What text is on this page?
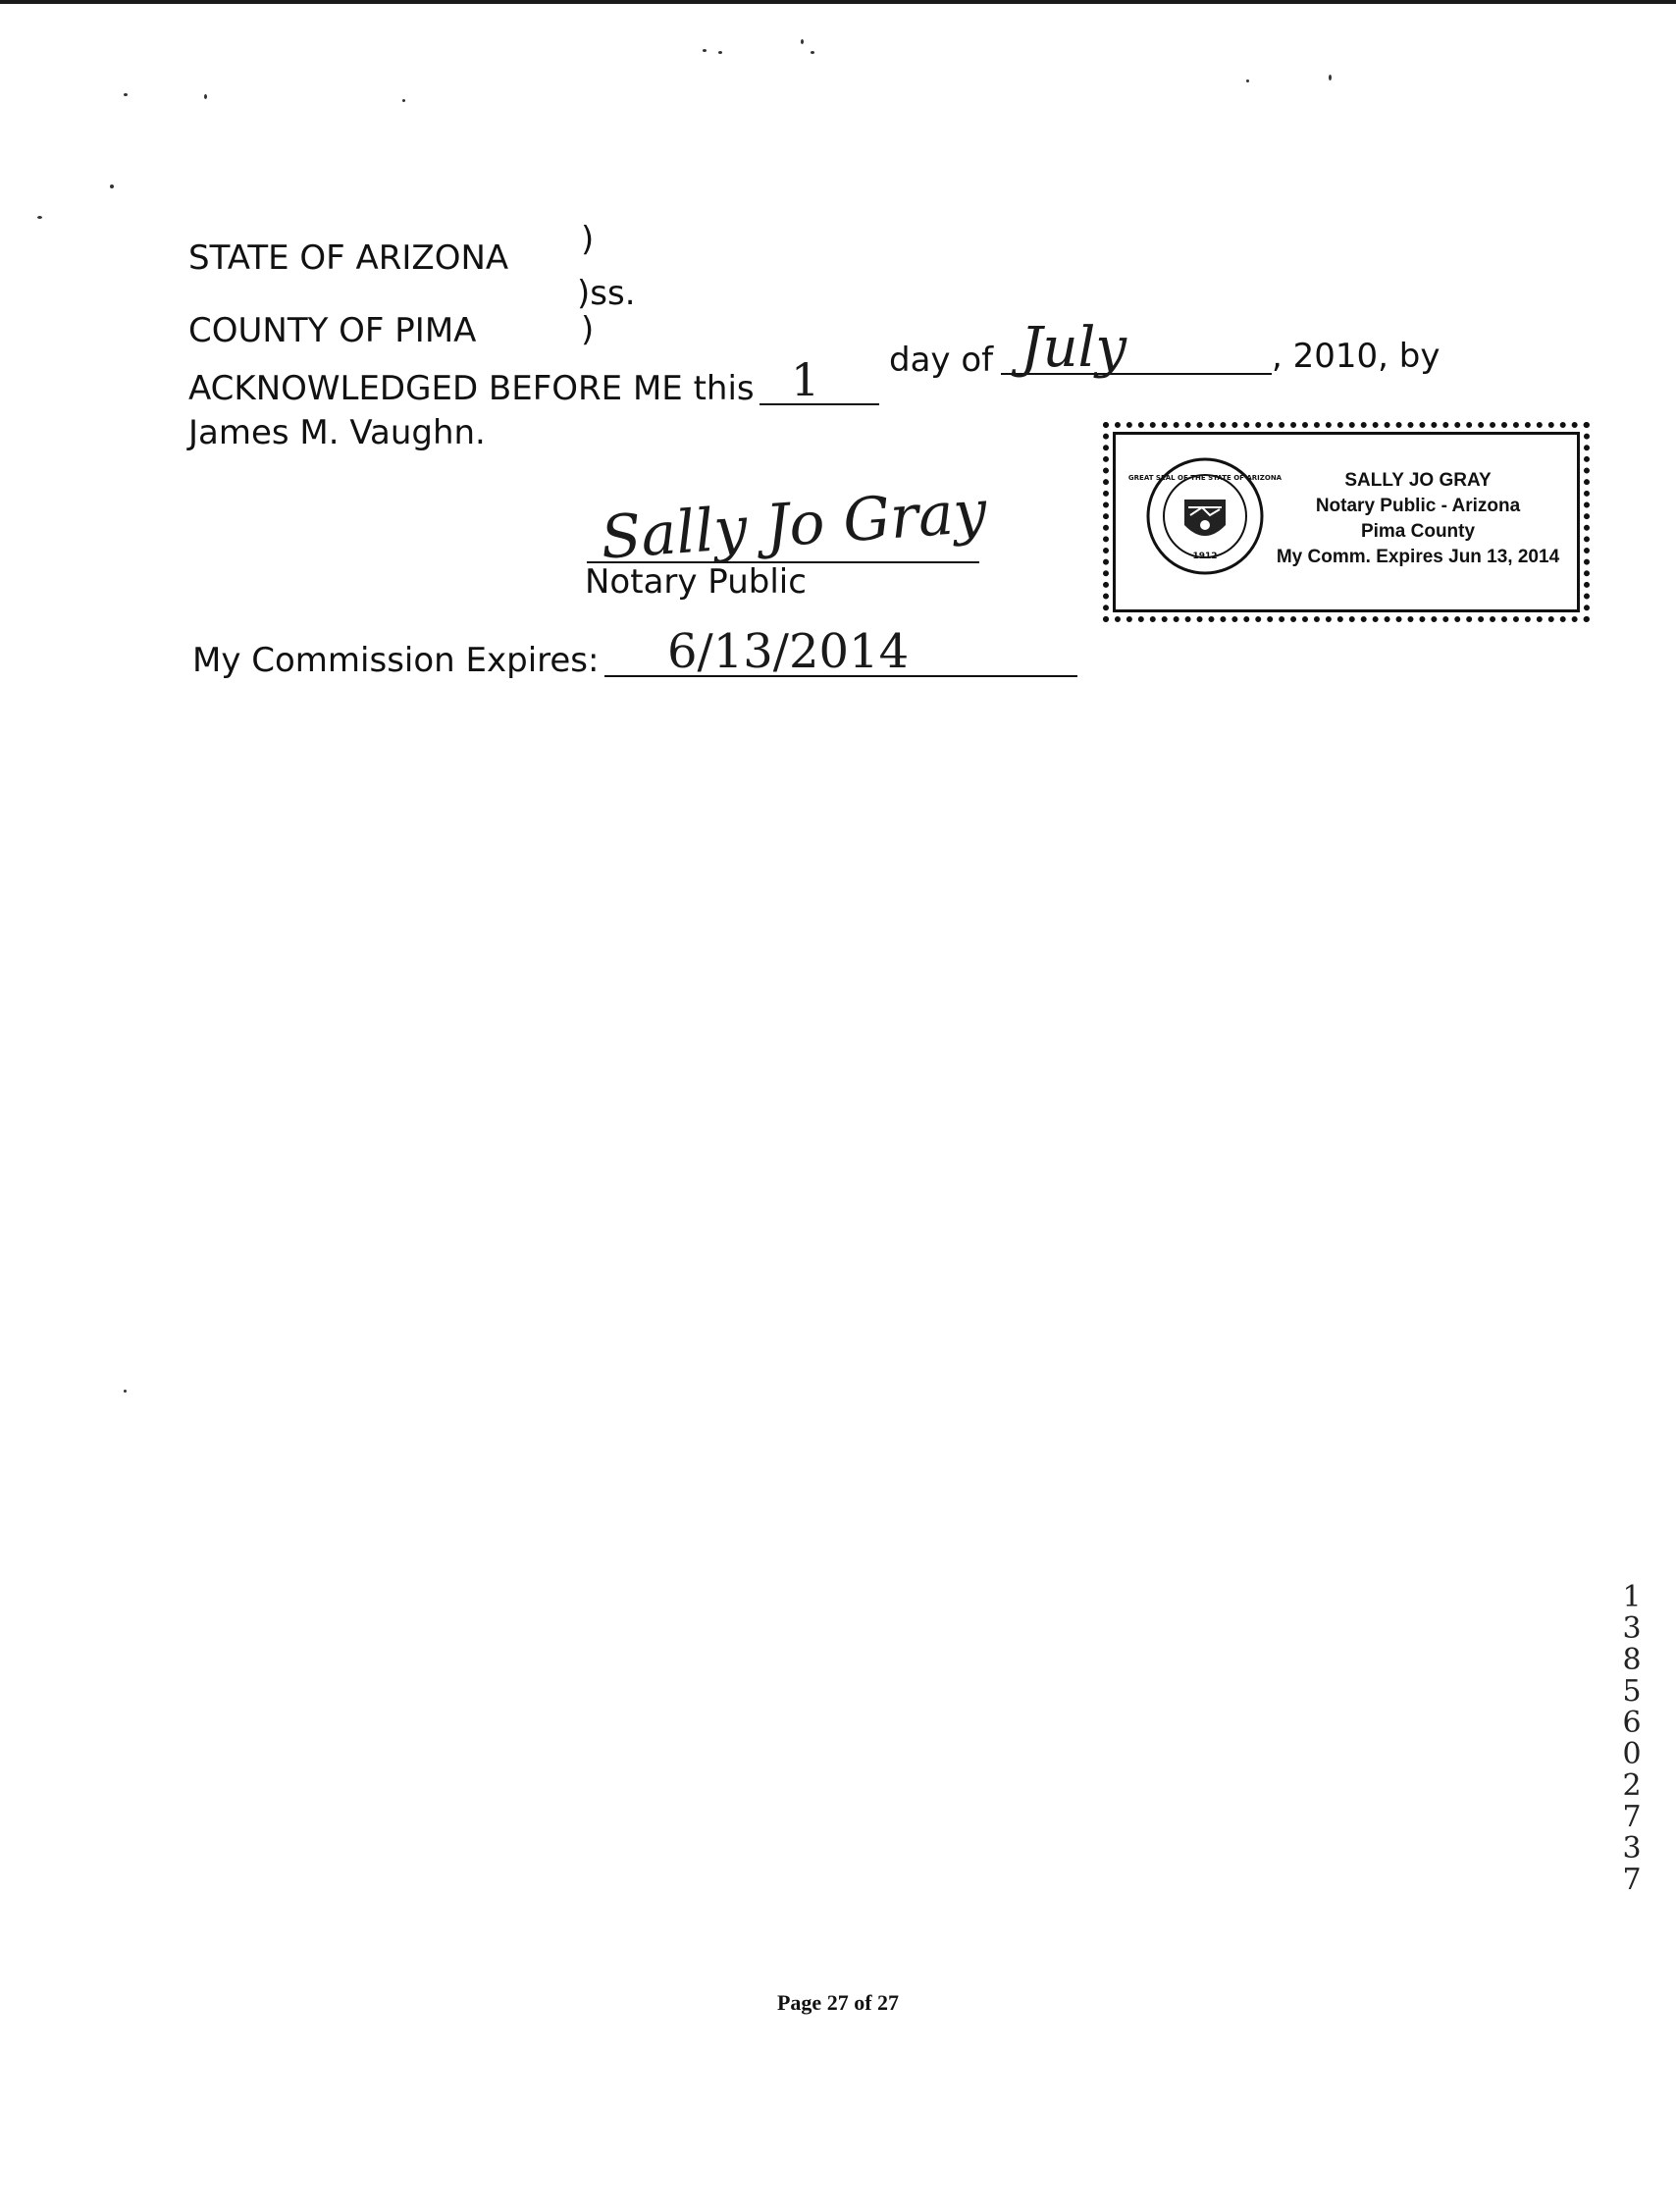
STATE OF ARIZONA )
)ss.
COUNTY OF PIMA	)
ACKNOWLEDGED BEFORE ME this 1 day of July	, 2010, by
James M. Vaughn.
Sally Jo Gray
Notary Public
My Commission Expires: 6/13/2014
1912
GREAT SEAL OF THE STATE OF ARIZONA	SALLY JO GRAY
Notary Public - Arizona
Pima County
My Comm. Expires Jun 13, 2014
13856 02737
Page 27 of 27
